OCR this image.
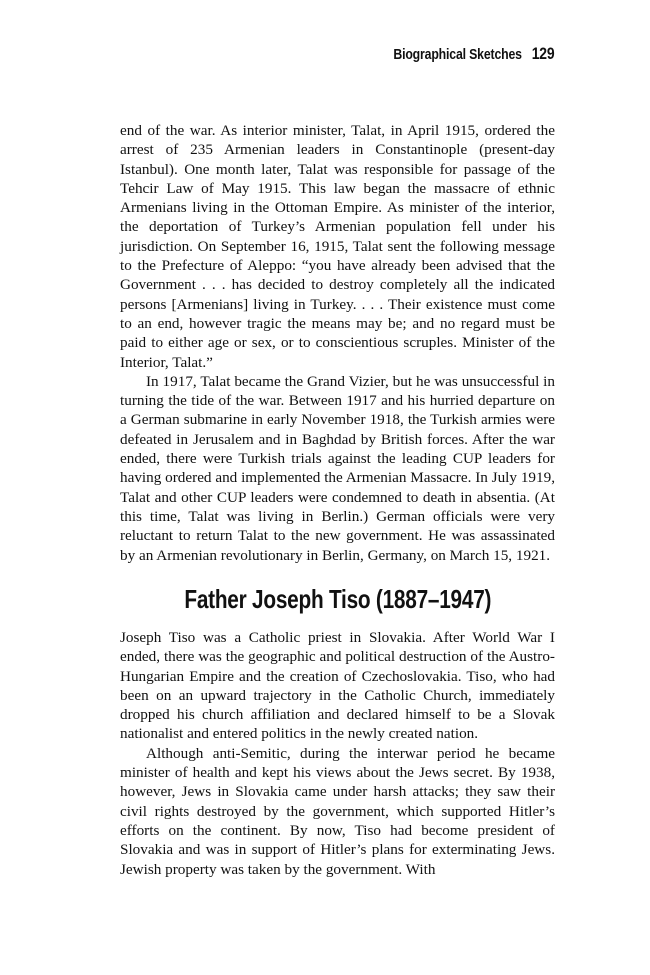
Biographical Sketches 129

end of the war. As interior minister, Talat, in April 1915, ordered the arrest of 235 Armenian leaders in Constantinople (present-day Istanbul). One month later, Talat was responsible for passage of the Tehcir Law of May 1915. This law began the massacre of ethnic Armenians living in the Ottoman Empire. As minister of the interior, the deportation of Turkey’s Armenian population fell under his jurisdiction. On September 16, 1915, Talat sent the following message to the Prefecture of Aleppo: “you have already been advised that the Government . . . has decided to destroy completely all the indicated persons [Armenians] living in Turkey. . . . Their existence must come to an end, however tragic the means may be; and no regard must be paid to either age or sex, or to conscientious scruples. Minister of the Interior, Talat.”

In 1917, Talat became the Grand Vizier, but he was unsuccessful in turning the tide of the war. Between 1917 and his hurried departure on a German submarine in early November 1918, the Turkish armies were defeated in Jerusalem and in Baghdad by British forces. After the war ended, there were Turkish trials against the leading CUP leaders for having ordered and implemented the Armenian Massacre. In July 1919, Talat and other CUP leaders were condemned to death in absentia. (At this time, Talat was living in Berlin.) German officials were very reluctant to return Talat to the new government. He was assassinated by an Armenian revolutionary in Berlin, Germany, on March 15, 1921.

Father Joseph Tiso (1887–1947)

Joseph Tiso was a Catholic priest in Slovakia. After World War I ended, there was the geographic and political destruction of the Austro-Hungarian Empire and the creation of Czechoslovakia. Tiso, who had been on an upward trajectory in the Catholic Church, immediately dropped his church affiliation and declared himself to be a Slovak nationalist and entered politics in the newly created nation.

Although anti-Semitic, during the interwar period he became minister of health and kept his views about the Jews secret. By 1938, however, Jews in Slovakia came under harsh attacks; they saw their civil rights destroyed by the government, which supported Hitler’s efforts on the continent. By now, Tiso had become president of Slovakia and was in support of Hitler’s plans for exterminating Jews. Jewish property was taken by the government. With
